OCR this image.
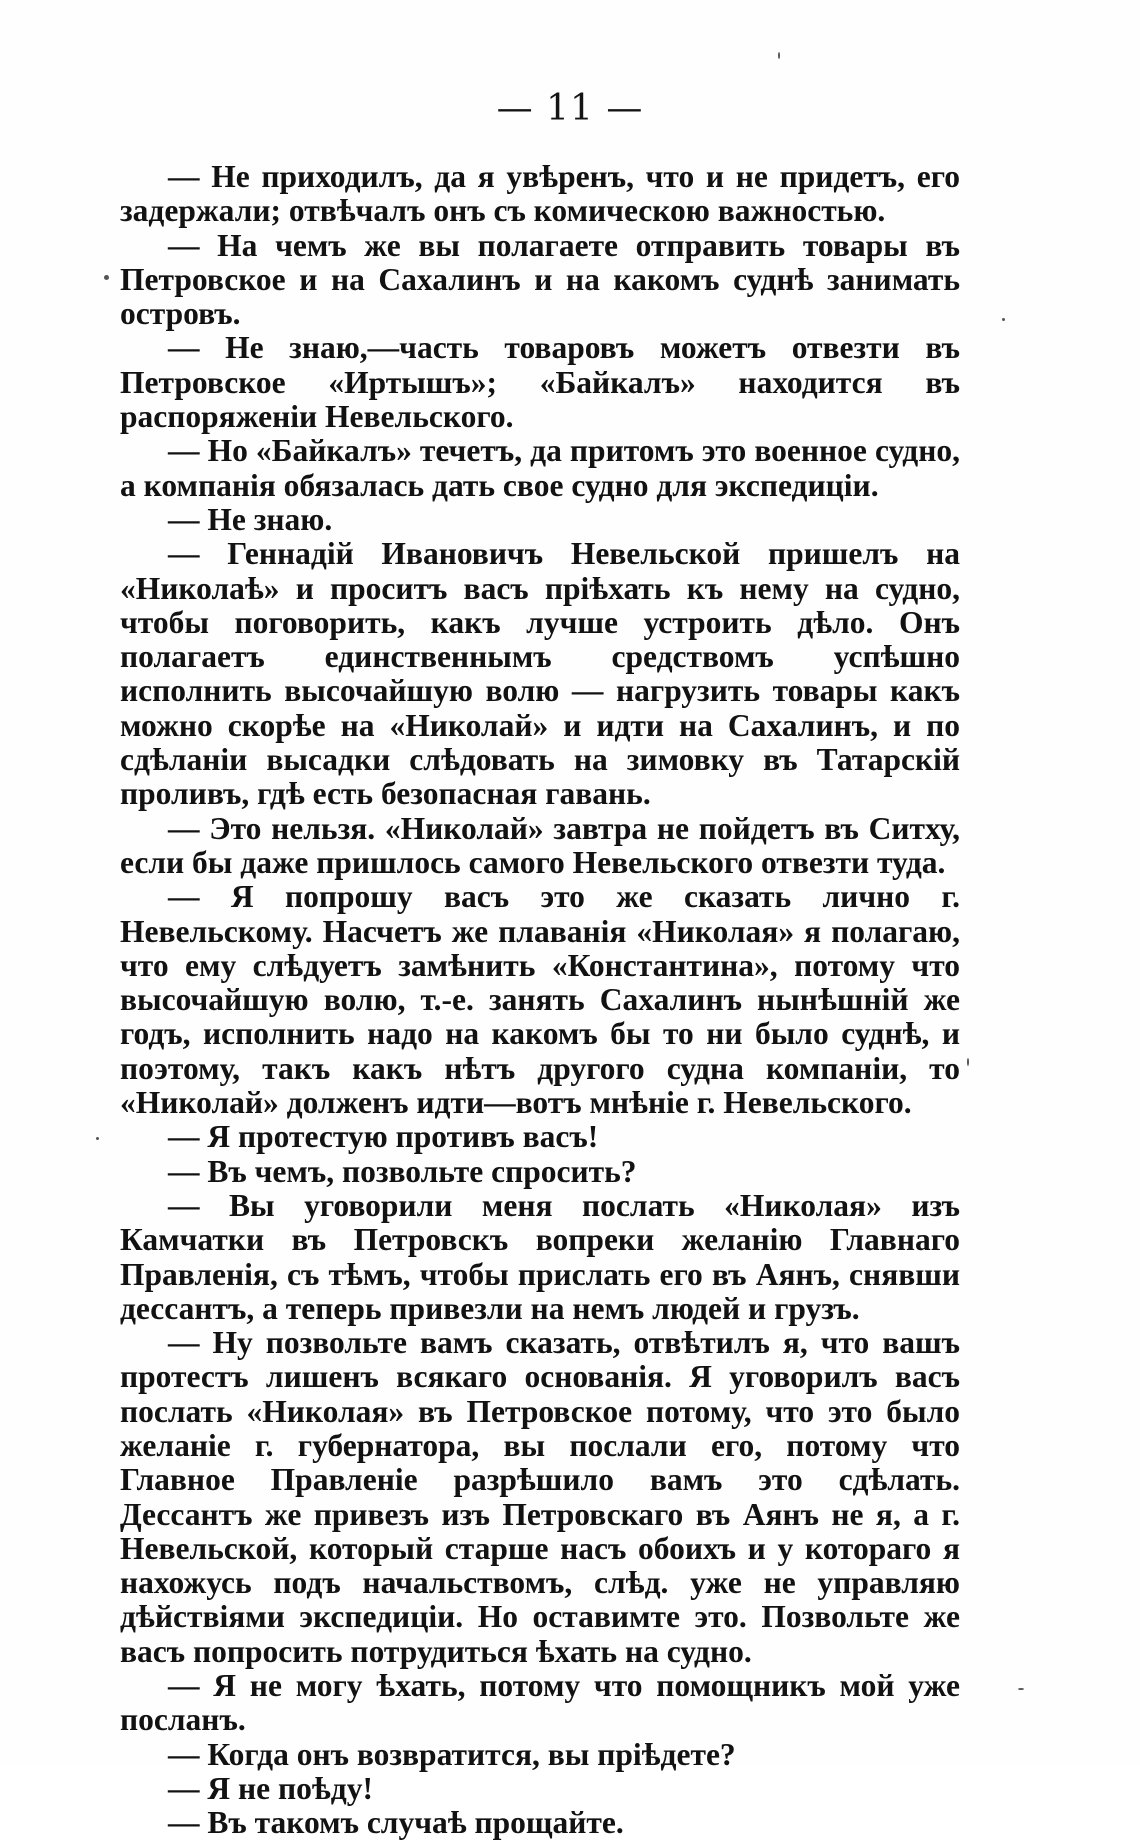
— 11 —

— Не приходилъ, да я увѣренъ, что и не придетъ, его задержали; отвѣчалъ онъ съ комическою важностью.

— На чемъ же вы полагаете отправить товары въ Петровское и на Сахалинъ и на какомъ суднѣ занимать островъ.

— Не знаю,—часть товаровъ можетъ отвезти въ Петровское «Иртышъ»; «Байкалъ» находится въ распоряженіи Невельского.

— Но «Байкалъ» течетъ, да притомъ это военное судно, а компанія обязалась дать свое судно для экспедиціи.

— Не знаю.

— Геннадій Ивановичъ Невельской пришелъ на «Николаѣ» и проситъ васъ пріѣхать къ нему на судно, чтобы поговорить, какъ лучше устроить дѣло. Онъ полагаетъ единственнымъ средствомъ успѣшно исполнить высочайшую волю — нагрузить товары какъ можно скорѣе на «Николай» и идти на Сахалинъ, и по сдѣланіи высадки слѣдовать на зимовку въ Татарскій проливъ, гдѣ есть безопасная гавань.

— Это нельзя. «Николай» завтра не пойдетъ въ Ситху, если бы даже пришлось самого Невельского отвезти туда.

— Я попрошу васъ это же сказать лично г. Невельскому. Насчетъ же плаванія «Николая» я полагаю, что ему слѣдуетъ замѣнить «Константина», потому что высочайшую волю, т.-е. занять Сахалинъ нынѣшній же годъ, исполнить надо на какомъ бы то ни было суднѣ, и поэтому, такъ какъ нѣтъ другого судна компаніи, то «Николай» долженъ идти—вотъ мнѣніе г. Невельского.

— Я протестую противъ васъ!

— Въ чемъ, позвольте спросить?

— Вы уговорили меня послать «Николая» изъ Камчатки въ Петровскъ вопреки желанію Главнаго Правленія, съ тѣмъ, чтобы прислать его въ Аянъ, снявши дессантъ, а теперь привезли на немъ людей и грузъ.

— Ну позвольте вамъ сказать, отвѣтилъ я, что вашъ протестъ лишенъ всякаго основанія. Я уговорилъ васъ послать «Николая» въ Петровское потому, что это было желаніе г. губернатора, вы послали его, потому что Главное Правленіе разрѣшило вамъ это сдѣлать. Дессантъ же привезъ изъ Петровскаго въ Аянъ не я, а г. Невельской, который старше насъ обоихъ и у котораго я нахожусь подъ начальствомъ, слѣд. уже не управляю дѣйствіями экспедиціи. Но оставимте это. Позвольте же васъ попросить потрудиться ѣхать на судно.

— Я не могу ѣхать, потому что помощникъ мой уже посланъ.

— Когда онъ возвратится, вы пріѣдете?

— Я не поѣду!

— Въ такомъ случаѣ прощайте.
